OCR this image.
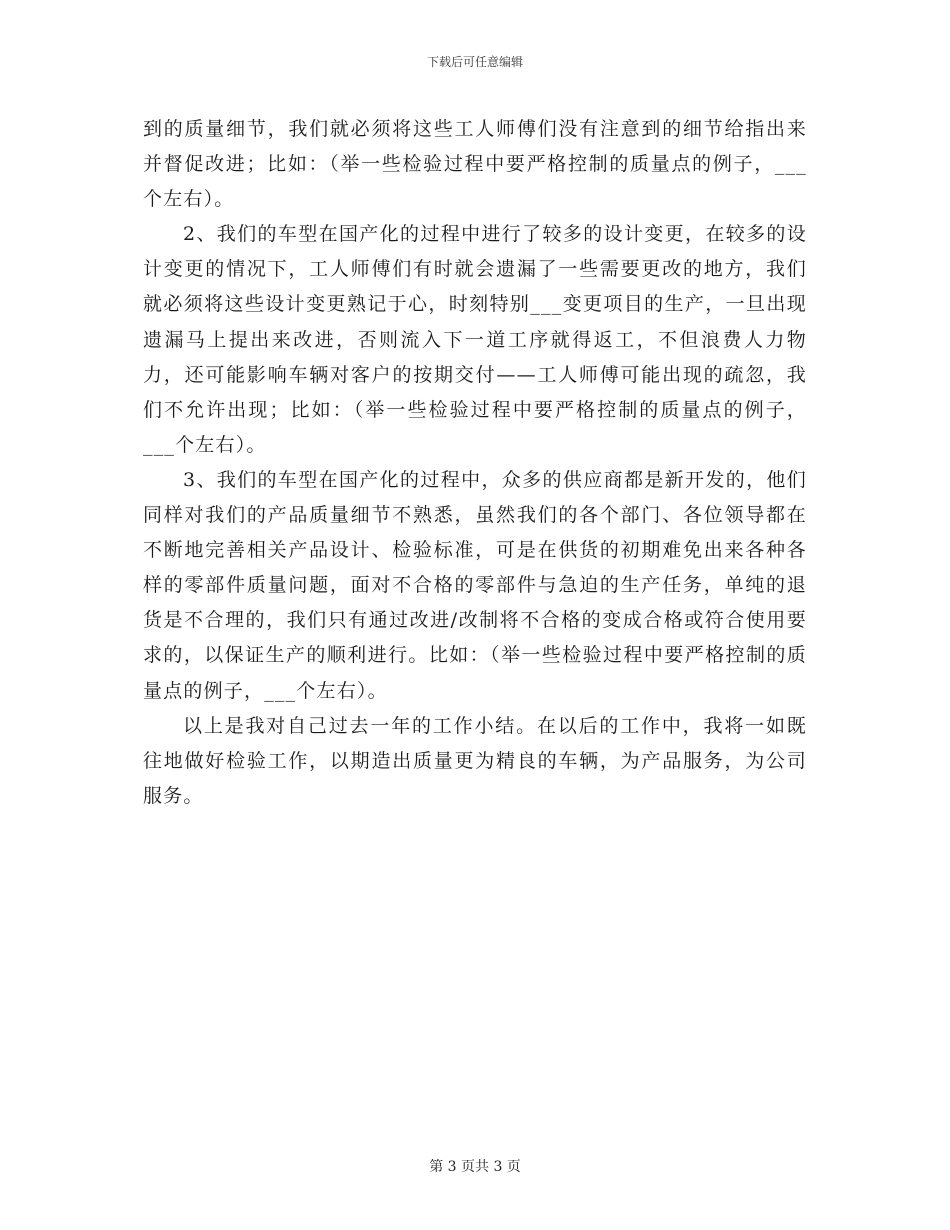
下载后可任意编辑

到的质量细节，我们就必须将这些工人师傅们没有注意到的细节给指出来并督促改进；比如：（举一些检验过程中要严格控制的质量点的例子，___个左右）。

2、我们的车型在国产化的过程中进行了较多的设计变更，在较多的设计变更的情况下，工人师傅们有时就会遗漏了一些需要更改的地方，我们就必须将这些设计变更熟记于心，时刻特别___变更项目的生产，一旦出现遗漏马上提出来改进，否则流入下一道工序就得返工，不但浪费人力物力，还可能影响车辆对客户的按期交付——工人师傅可能出现的疏忽，我们不允许出现；比如：（举一些检验过程中要严格控制的质量点的例子，___个左右）。

3、我们的车型在国产化的过程中，众多的供应商都是新开发的，他们同样对我们的产品质量细节不熟悉，虽然我们的各个部门、各位领导都在不断地完善相关产品设计、检验标准，可是在供货的初期难免出来各种各样的零部件质量问题，面对不合格的零部件与急迫的生产任务，单纯的退货是不合理的，我们只有通过改进/改制将不合格的变成合格或符合使用要求的，以保证生产的顺利进行。比如：（举一些检验过程中要严格控制的质量点的例子，___个左右）。

以上是我对自己过去一年的工作小结。在以后的工作中，我将一如既往地做好检验工作，以期造出质量更为精良的车辆，为产品服务，为公司服务。

第 3 页共 3 页
